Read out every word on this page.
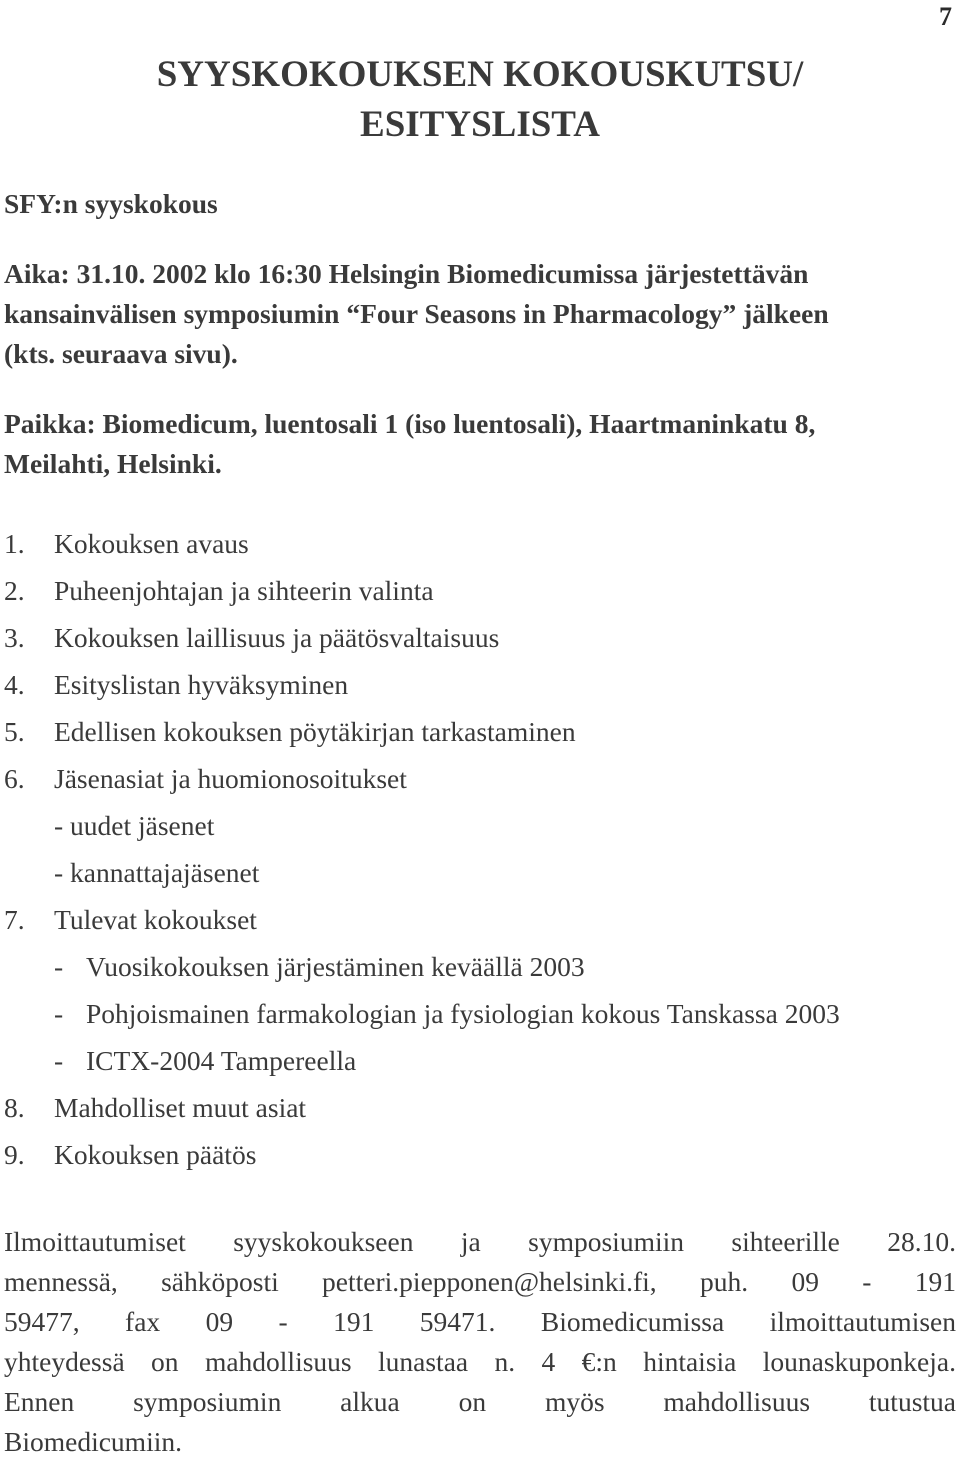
7
SYYSKOKOUKSEN KOKOUSKUTSU/
ESITYSLISTA

SFY:n syyskokous

Aika: 31.10. 2002 klo 16:30 Helsingin Biomedicumissa järjestettävän
kansainvälisen symposiumin “Four Seasons in Pharmacology” jälkeen
(kts. seuraava sivu).
Paikka: Biomedicum, luentosali 1 (iso luentosali), Haartmaninkatu 8,
Meilahti, Helsinki.
1. Kokouksen avaus
2. Puheenjohtajan ja sihteerin valinta
3. Kokouksen laillisuus ja päätösvaltaisuus
4. Esityslistan hyväksyminen
5. Edellisen kokouksen pöytäkirjan tarkastaminen
6. Jäsenasiat ja huomionosoitukset
- uudet jäsenet
- kannattajajäsenet
7. Tulevat kokoukset
- Vuosikokouksen järjestäminen keväällä 2003
- Pohjoismainen farmakologian ja fysiologian kokous Tanskassa 2003
- ICTX-2004 Tampereella
8. Mahdolliset muut asiat
9. Kokouksen päätös
Ilmoittautumiset syyskokoukseen ja symposiumiin sihteerille 28.10.
mennessä, sähköposti petteri.piepponen@helsinki.fi, puh. 09 - 191
59477, fax 09 - 191 59471. Biomedicumissa ilmoittautumisen
yhteydessä on mahdollisuus lunastaa n. 4 €:n hintaisia lounaskuponkeja.
Ennen symposiumin alkua on myös mahdollisuus tutustua
Biomedicumiin.
